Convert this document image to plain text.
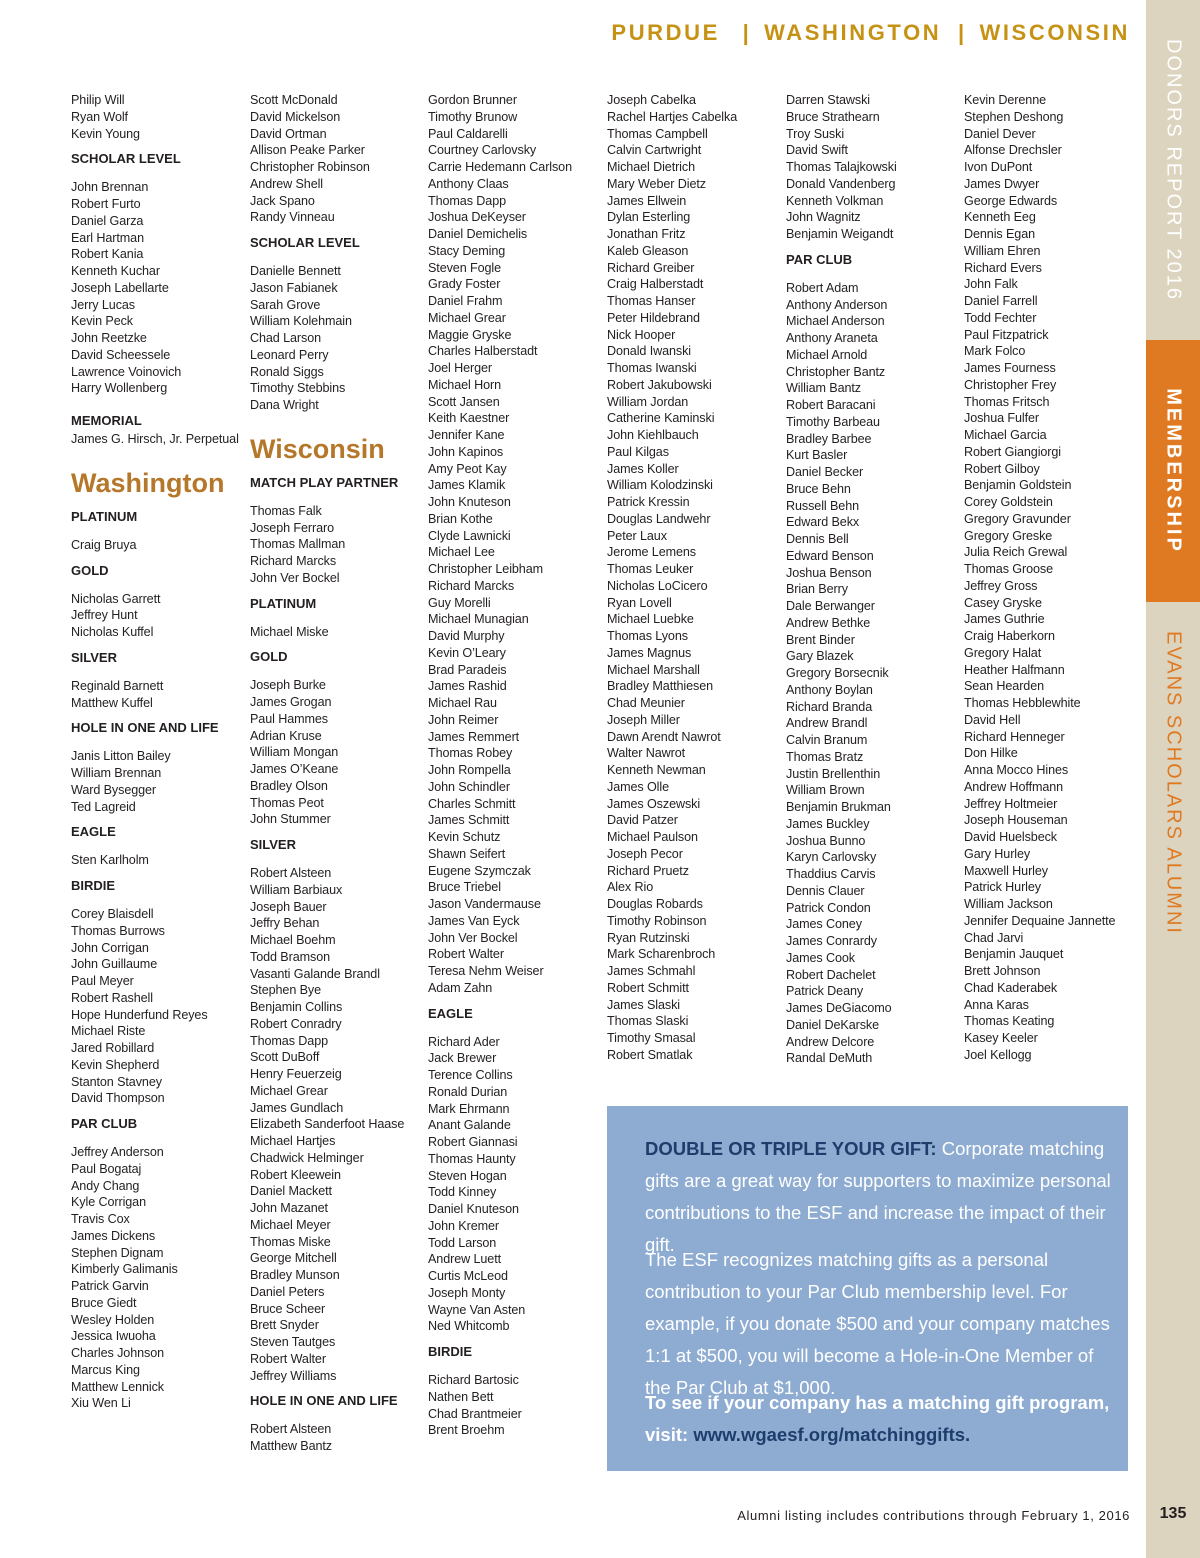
PURDUE | WASHINGTON | WISCONSIN
DONORS REPORT 2016
MEMBERSHIP
EVANS SCHOLARS ALUMNI
Philip Will
Ryan Wolf
Kevin Young
SCHOLAR LEVEL
John Brennan
Robert Furto
Daniel Garza
Earl Hartman
Robert Kania
Kenneth Kuchar
Joseph Labellarte
Jerry Lucas
Kevin Peck
John Reetzke
David Scheessele
Lawrence Voinovich
Harry Wollenberg
MEMORIAL
James G. Hirsch, Jr. Perpetual
Washington
PLATINUM
Craig Bruya
GOLD
Nicholas Garrett
Jeffrey Hunt
Nicholas Kuffel
SILVER
Reginald Barnett
Matthew Kuffel
HOLE IN ONE AND LIFE
Janis Litton Bailey
William Brennan
Ward Bysegger
Ted Lagreid
EAGLE
Sten Karlholm
BIRDIE
Corey Blaisdell
Thomas Burrows
John Corrigan
John Guillaume
Paul Meyer
Robert Rashell
Hope Hunderfund Reyes
Michael Riste
Jared Robillard
Kevin Shepherd
Stanton Stavney
David Thompson
PAR CLUB
Jeffrey Anderson
Paul Bogataj
Andy Chang
Kyle Corrigan
Travis Cox
James Dickens
Stephen Dignam
Kimberly Galimanis
Patrick Garvin
Bruce Giedt
Wesley Holden
Jessica Iwuoha
Charles Johnson
Marcus King
Matthew Lennick
Xiu Wen Li
Scott McDonald
David Mickelson
David Ortman
Allison Peake Parker
Christopher Robinson
Andrew Shell
Jack Spano
Randy Vinneau
SCHOLAR LEVEL
Danielle Bennett
Jason Fabianek
Sarah Grove
William Kolehmain
Chad Larson
Leonard Perry
Ronald Siggs
Timothy Stebbins
Dana Wright
Wisconsin
MATCH PLAY PARTNER
Thomas Falk
Joseph Ferraro
Thomas Mallman
Richard Marcks
John Ver Bockel
PLATINUM
Michael Miske
GOLD
Joseph Burke
James Grogan
Paul Hammes
Adrian Kruse
William Mongan
James O’Keane
Bradley Olson
Thomas Peot
John Stummer
SILVER
Robert Alsteen
William Barbiaux
Joseph Bauer
Jeffry Behan
Michael Boehm
Todd Bramson
Vasanti Galande Brandl
Stephen Bye
Benjamin Collins
Robert Conradry
Thomas Dapp
Scott DuBoff
Henry Feuerzeig
Michael Grear
James Gundlach
Elizabeth Sanderfoot Haase
Michael Hartjes
Chadwick Helminger
Robert Kleewein
Daniel Mackett
John Mazanet
Michael Meyer
Thomas Miske
George Mitchell
Bradley Munson
Daniel Peters
Bruce Scheer
Brett Snyder
Steven Tautges
Robert Walter
Jeffrey Williams
HOLE IN ONE AND LIFE
Robert Alsteen
Matthew Bantz
Gordon Brunner
Timothy Brunow
Paul Caldarelli
Courtney Carlovsky
Carrie Hedemann Carlson
Anthony Claas
Thomas Dapp
Joshua DeKeyser
Daniel Demichelis
Stacy Deming
Steven Fogle
Grady Foster
Daniel Frahm
Michael Grear
Maggie Gryske
Charles Halberstadt
Joel Herger
Michael Horn
Scott Jansen
Keith Kaestner
Jennifer Kane
John Kapinos
Amy Peot Kay
James Klamik
John Knuteson
Brian Kothe
Clyde Lawnicki
Michael Lee
Christopher Leibham
Richard Marcks
Guy Morelli
Michael Munagian
David Murphy
Kevin O’Leary
Brad Paradeis
James Rashid
Michael Rau
John Reimer
James Remmert
Thomas Robey
John Rompella
John Schindler
Charles Schmitt
James Schmitt
Kevin Schutz
Shawn Seifert
Eugene Szymczak
Bruce Triebel
Jason Vandermause
James Van Eyck
John Ver Bockel
Robert Walter
Teresa Nehm Weiser
Adam Zahn
EAGLE
Richard Ader
Jack Brewer
Terence Collins
Ronald Durian
Mark Ehrmann
Anant Galande
Robert Giannasi
Thomas Haunty
Steven Hogan
Todd Kinney
Daniel Knuteson
John Kremer
Todd Larson
Andrew Luett
Curtis McLeod
Joseph Monty
Wayne Van Asten
Ned Whitcomb
BIRDIE
Richard Bartosic
Nathen Bett
Chad Brantmeier
Brent Broehm
Joseph Cabelka
Rachel Hartjes Cabelka
Thomas Campbell
Calvin Cartwright
Michael Dietrich
Mary Weber Dietz
James Ellwein
Dylan Esterling
Jonathan Fritz
Kaleb Gleason
Richard Greiber
Craig Halberstadt
Thomas Hanser
Peter Hildebrand
Nick Hooper
Donald Iwanski
Thomas Iwanski
Robert Jakubowski
William Jordan
Catherine Kaminski
John Kiehlbauch
Paul Kilgas
James Koller
William Kolodzinski
Patrick Kressin
Douglas Landwehr
Peter Laux
Jerome Lemens
Thomas Leuker
Nicholas LoCicero
Ryan Lovell
Michael Luebke
Thomas Lyons
James Magnus
Michael Marshall
Bradley Matthiesen
Chad Meunier
Joseph Miller
Dawn Arendt Nawrot
Walter Nawrot
Kenneth Newman
James Olle
James Oszewski
David Patzer
Michael Paulson
Joseph Pecor
Richard Pruetz
Alex Rio
Douglas Robards
Timothy Robinson
Ryan Rutzinski
Mark Scharenbroch
James Schmahl
Robert Schmitt
James Slaski
Thomas Slaski
Timothy Smasal
Robert Smatlak
Darren Stawski
Bruce Strathearn
Troy Suski
David Swift
Thomas Talajkowski
Donald Vandenberg
Kenneth Volkman
John Wagnitz
Benjamin Weigandt
PAR CLUB
Robert Adam
Anthony Anderson
Michael Anderson
Anthony Araneta
Michael Arnold
Christopher Bantz
William Bantz
Robert Baracani
Timothy Barbeau
Bradley Barbee
Kurt Basler
Daniel Becker
Bruce Behn
Russell Behn
Edward Bekx
Dennis Bell
Edward Benson
Joshua Benson
Brian Berry
Dale Berwanger
Andrew Bethke
Brent Binder
Gary Blazek
Gregory Borsecnik
Anthony Boylan
Richard Branda
Andrew Brandl
Calvin Branum
Thomas Bratz
Justin Brellenthin
William Brown
Benjamin Brukman
James Buckley
Joshua Bunno
Karyn Carlovsky
Thaddius Carvis
Dennis Clauer
Patrick Condon
James Coney
James Conrardy
James Cook
Robert Dachelet
Patrick Deany
James DeGiacomo
Daniel DeKarske
Andrew Delcore
Randal DeMuth
Kevin Derenne
Stephen Deshong
Daniel Dever
Alfonse Drechsler
Ivon DuPont
James Dwyer
George Edwards
Kenneth Eeg
Dennis Egan
William Ehren
Richard Evers
John Falk
Daniel Farrell
Todd Fechter
Paul Fitzpatrick
Mark Folco
James Fourness
Christopher Frey
Thomas Fritsch
Joshua Fulfer
Michael Garcia
Robert Giangiorgi
Robert Gilboy
Benjamin Goldstein
Corey Goldstein
Gregory Gravunder
Gregory Greske
Julia Reich Grewal
Thomas Groose
Jeffrey Gross
Casey Gryske
James Guthrie
Craig Haberkorn
Gregory Halat
Heather Halfmann
Sean Hearden
Thomas Hebblewhite
David Hell
Richard Henneger
Don Hilke
Anna Mocco Hines
Andrew Hoffmann
Jeffrey Holtmeier
Joseph Houseman
David Huelsbeck
Gary Hurley
Maxwell Hurley
Patrick Hurley
William Jackson
Jennifer Dequaine Jannette
Chad Jarvi
Benjamin Jauquet
Brett Johnson
Chad Kaderabek
Anna Karas
Thomas Keating
Kasey Keeler
Joel Kellogg

DOUBLE OR TRIPLE YOUR GIFT: Corporate matching gifts are a great way for supporters to maximize personal contributions to the ESF and increase the impact of their gift.

The ESF recognizes matching gifts as a personal contribution to your Par Club membership level. For example, if you donate $500 and your company matches 1:1 at $500, you will become a Hole-in-One Member of the Par Club at $1,000.

To see if your company has a matching gift program, visit: www.wgaesf.org/matchinggifts.

Alumni listing includes contributions through February 1, 2016	135
